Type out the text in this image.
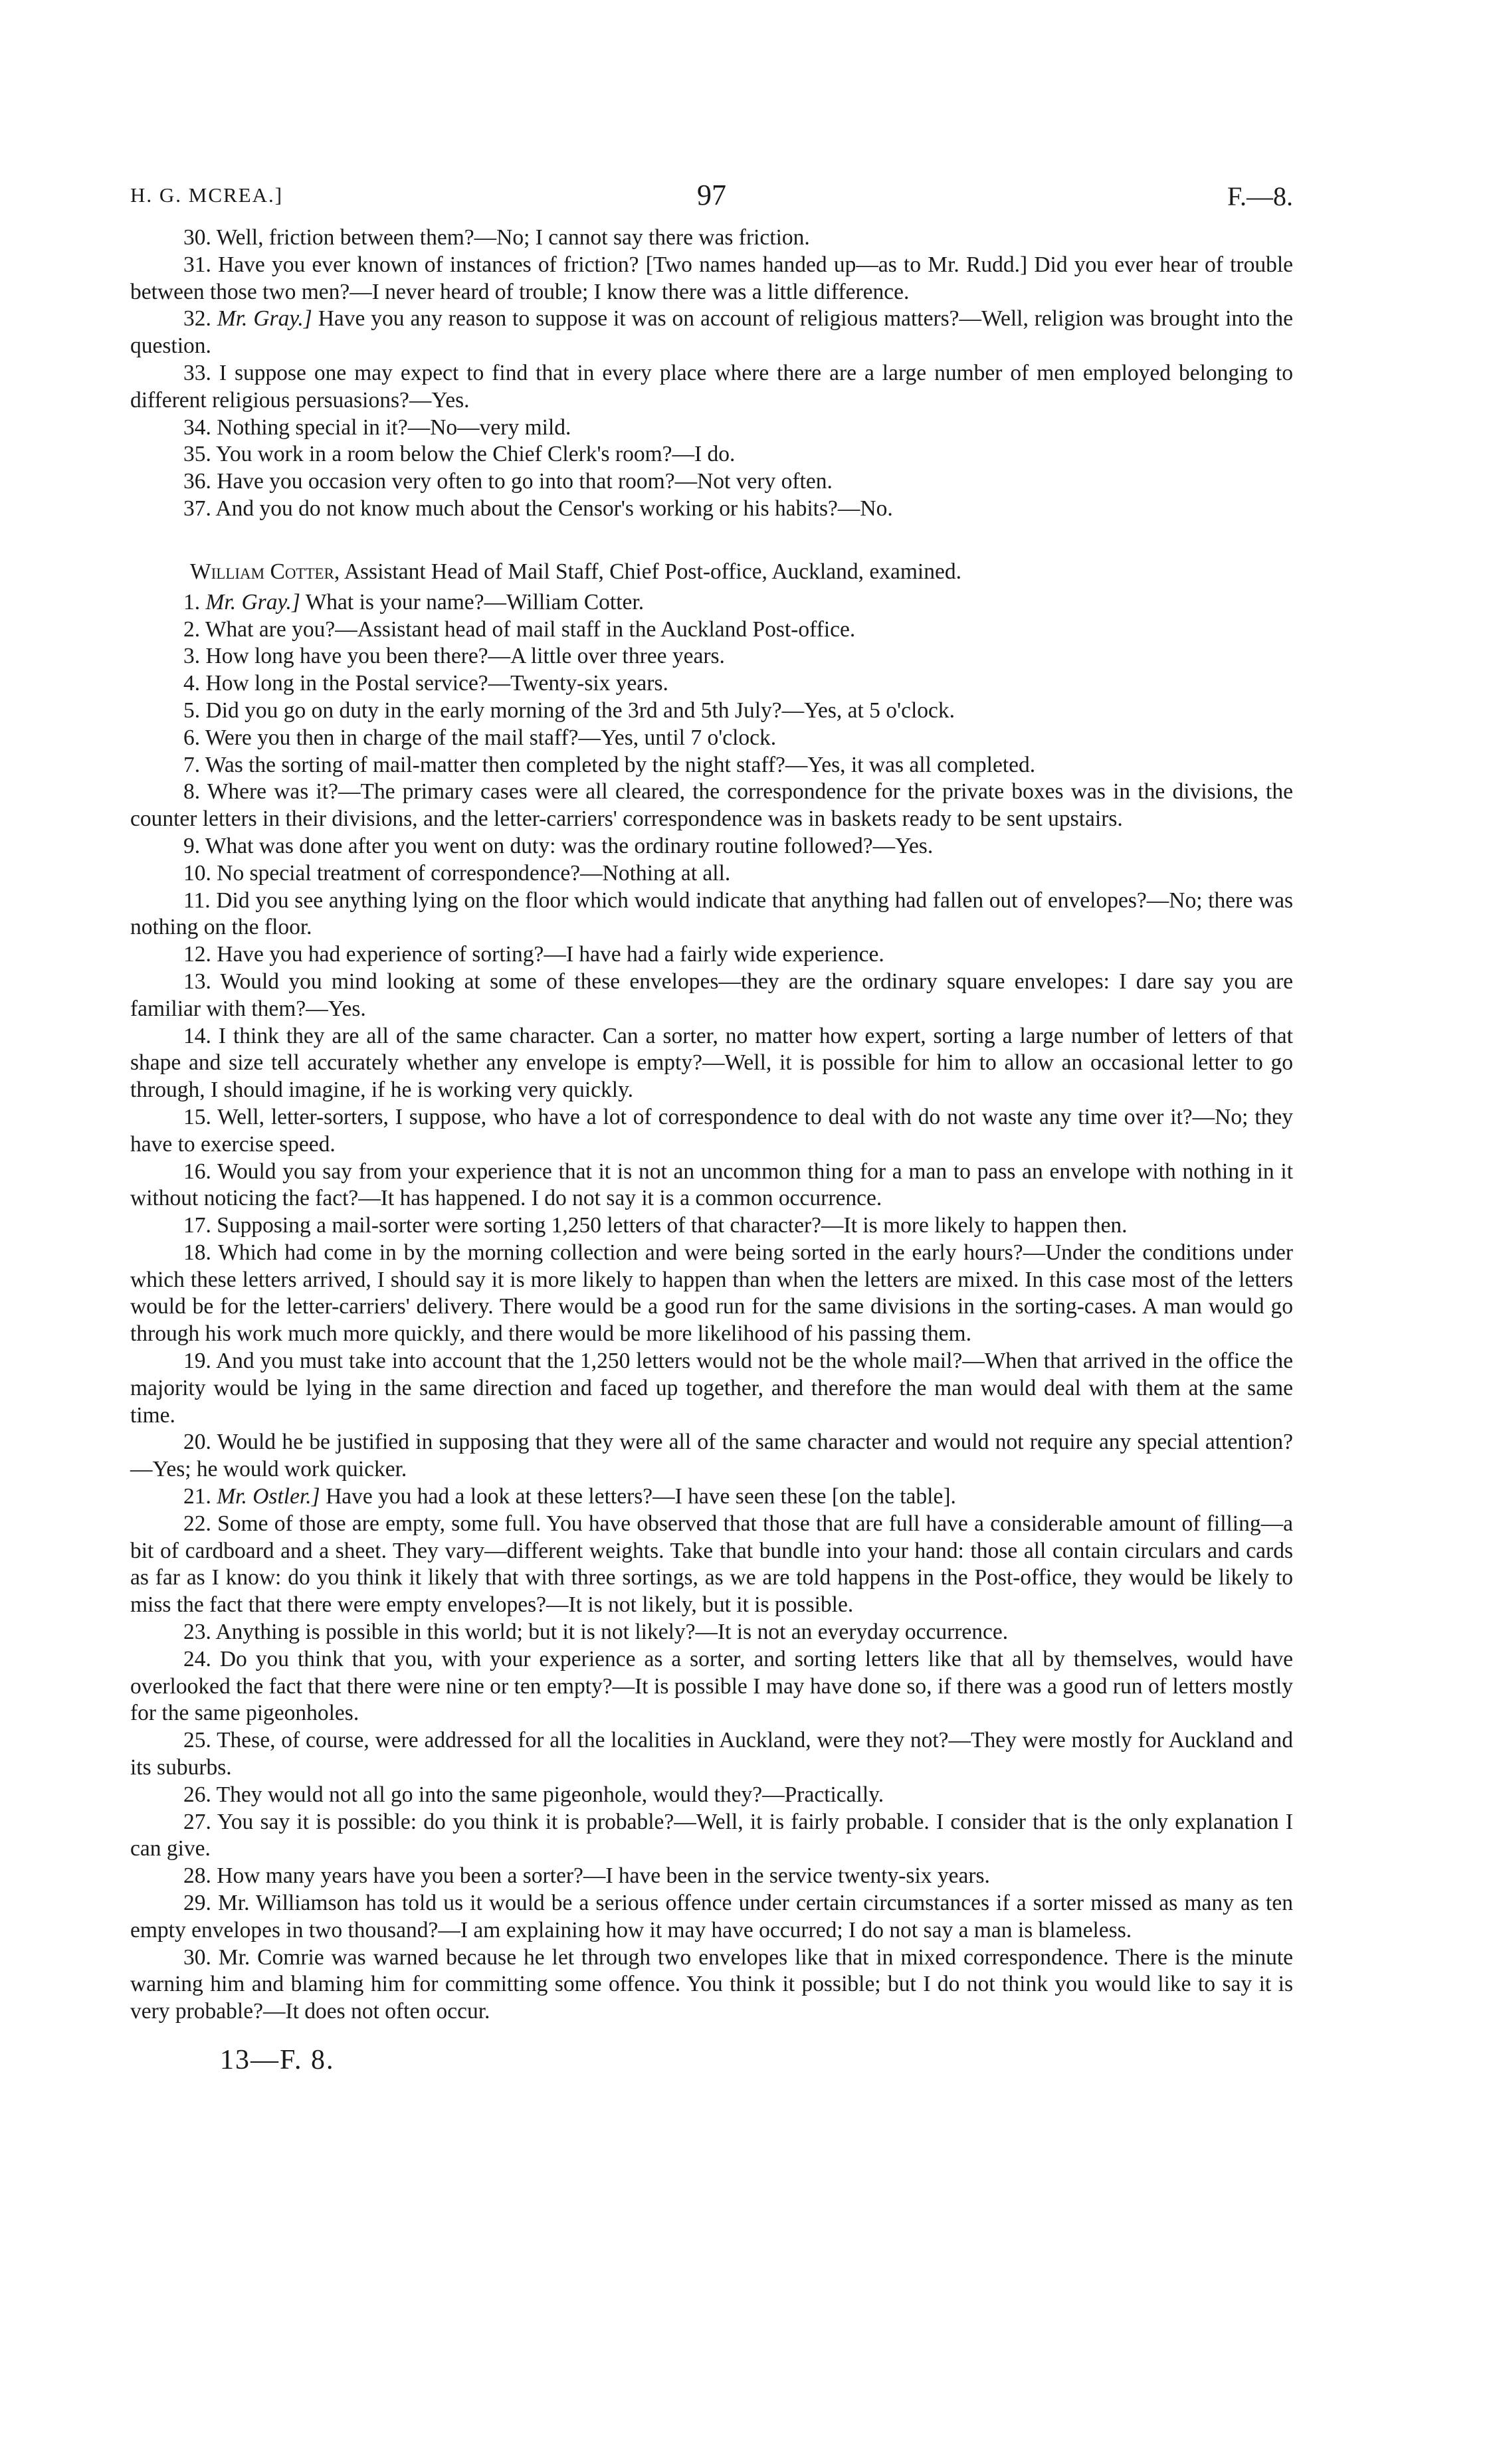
H. G. MCREA.]	97	F.—8.

30. Well, friction between them?—No; I cannot say there was friction.

31. Have you ever known of instances of friction? [Two names handed up—as to Mr. Rudd.] Did you ever hear of trouble between those two men?—I never heard of trouble; I know there was a little difference.

32. Mr. Gray.] Have you any reason to suppose it was on account of religious matters?—Well, religion was brought into the question.

33. I suppose one may expect to find that in every place where there are a large number of men employed belonging to different religious persuasions?—Yes.

34. Nothing special in it?—No—very mild.

35. You work in a room below the Chief Clerk's room?—I do.

36. Have you occasion very often to go into that room?—Not very often.

37. And you do not know much about the Censor's working or his habits?—No.

William Cotter, Assistant Head of Mail Staff, Chief Post-office, Auckland, examined.

1. Mr. Gray.] What is your name?—William Cotter.

2. What are you?—Assistant head of mail staff in the Auckland Post-office.

3. How long have you been there?—A little over three years.

4. How long in the Postal service?—Twenty-six years.

5. Did you go on duty in the early morning of the 3rd and 5th July?—Yes, at 5 o'clock.

6. Were you then in charge of the mail staff?—Yes, until 7 o'clock.

7. Was the sorting of mail-matter then completed by the night staff?—Yes, it was all completed.

8. Where was it?—The primary cases were all cleared, the correspondence for the private boxes was in the divisions, the counter letters in their divisions, and the letter-carriers' correspondence was in baskets ready to be sent upstairs.

9. What was done after you went on duty: was the ordinary routine followed?—Yes.

10. No special treatment of correspondence?—Nothing at all.

11. Did you see anything lying on the floor which would indicate that anything had fallen out of envelopes?—No; there was nothing on the floor.

12. Have you had experience of sorting?—I have had a fairly wide experience.

13. Would you mind looking at some of these envelopes—they are the ordinary square envelopes: I dare say you are familiar with them?—Yes.

14. I think they are all of the same character. Can a sorter, no matter how expert, sorting a large number of letters of that shape and size tell accurately whether any envelope is empty?—Well, it is possible for him to allow an occasional letter to go through, I should imagine, if he is working very quickly.

15. Well, letter-sorters, I suppose, who have a lot of correspondence to deal with do not waste any time over it?—No; they have to exercise speed.

16. Would you say from your experience that it is not an uncommon thing for a man to pass an envelope with nothing in it without noticing the fact?—It has happened. I do not say it is a common occurrence.

17. Supposing a mail-sorter were sorting 1,250 letters of that character?—It is more likely to happen then.

18. Which had come in by the morning collection and were being sorted in the early hours?—Under the conditions under which these letters arrived, I should say it is more likely to happen than when the letters are mixed. In this case most of the letters would be for the letter-carriers' delivery. There would be a good run for the same divisions in the sorting-cases. A man would go through his work much more quickly, and there would be more likelihood of his passing them.

19. And you must take into account that the 1,250 letters would not be the whole mail?—When that arrived in the office the majority would be lying in the same direction and faced up together, and therefore the man would deal with them at the same time.

20. Would he be justified in supposing that they were all of the same character and would not require any special attention?—Yes; he would work quicker.

21. Mr. Ostler.] Have you had a look at these letters?—I have seen these [on the table].

22. Some of those are empty, some full. You have observed that those that are full have a considerable amount of filling—a bit of cardboard and a sheet. They vary—different weights. Take that bundle into your hand: those all contain circulars and cards as far as I know: do you think it likely that with three sortings, as we are told happens in the Post-office, they would be likely to miss the fact that there were empty envelopes?—It is not likely, but it is possible.

23. Anything is possible in this world; but it is not likely?—It is not an everyday occurrence.

24. Do you think that you, with your experience as a sorter, and sorting letters like that all by themselves, would have overlooked the fact that there were nine or ten empty?—It is possible I may have done so, if there was a good run of letters mostly for the same pigeonholes.

25. These, of course, were addressed for all the localities in Auckland, were they not?—They were mostly for Auckland and its suburbs.

26. They would not all go into the same pigeonhole, would they?—Practically.

27. You say it is possible: do you think it is probable?—Well, it is fairly probable. I consider that is the only explanation I can give.

28. How many years have you been a sorter?—I have been in the service twenty-six years.

29. Mr. Williamson has told us it would be a serious offence under certain circumstances if a sorter missed as many as ten empty envelopes in two thousand?—I am explaining how it may have occurred; I do not say a man is blameless.

30. Mr. Comrie was warned because he let through two envelopes like that in mixed correspondence. There is the minute warning him and blaming him for committing some offence. You think it possible; but I do not think you would like to say it is very probable?—It does not often occur.

13—F. 8.
